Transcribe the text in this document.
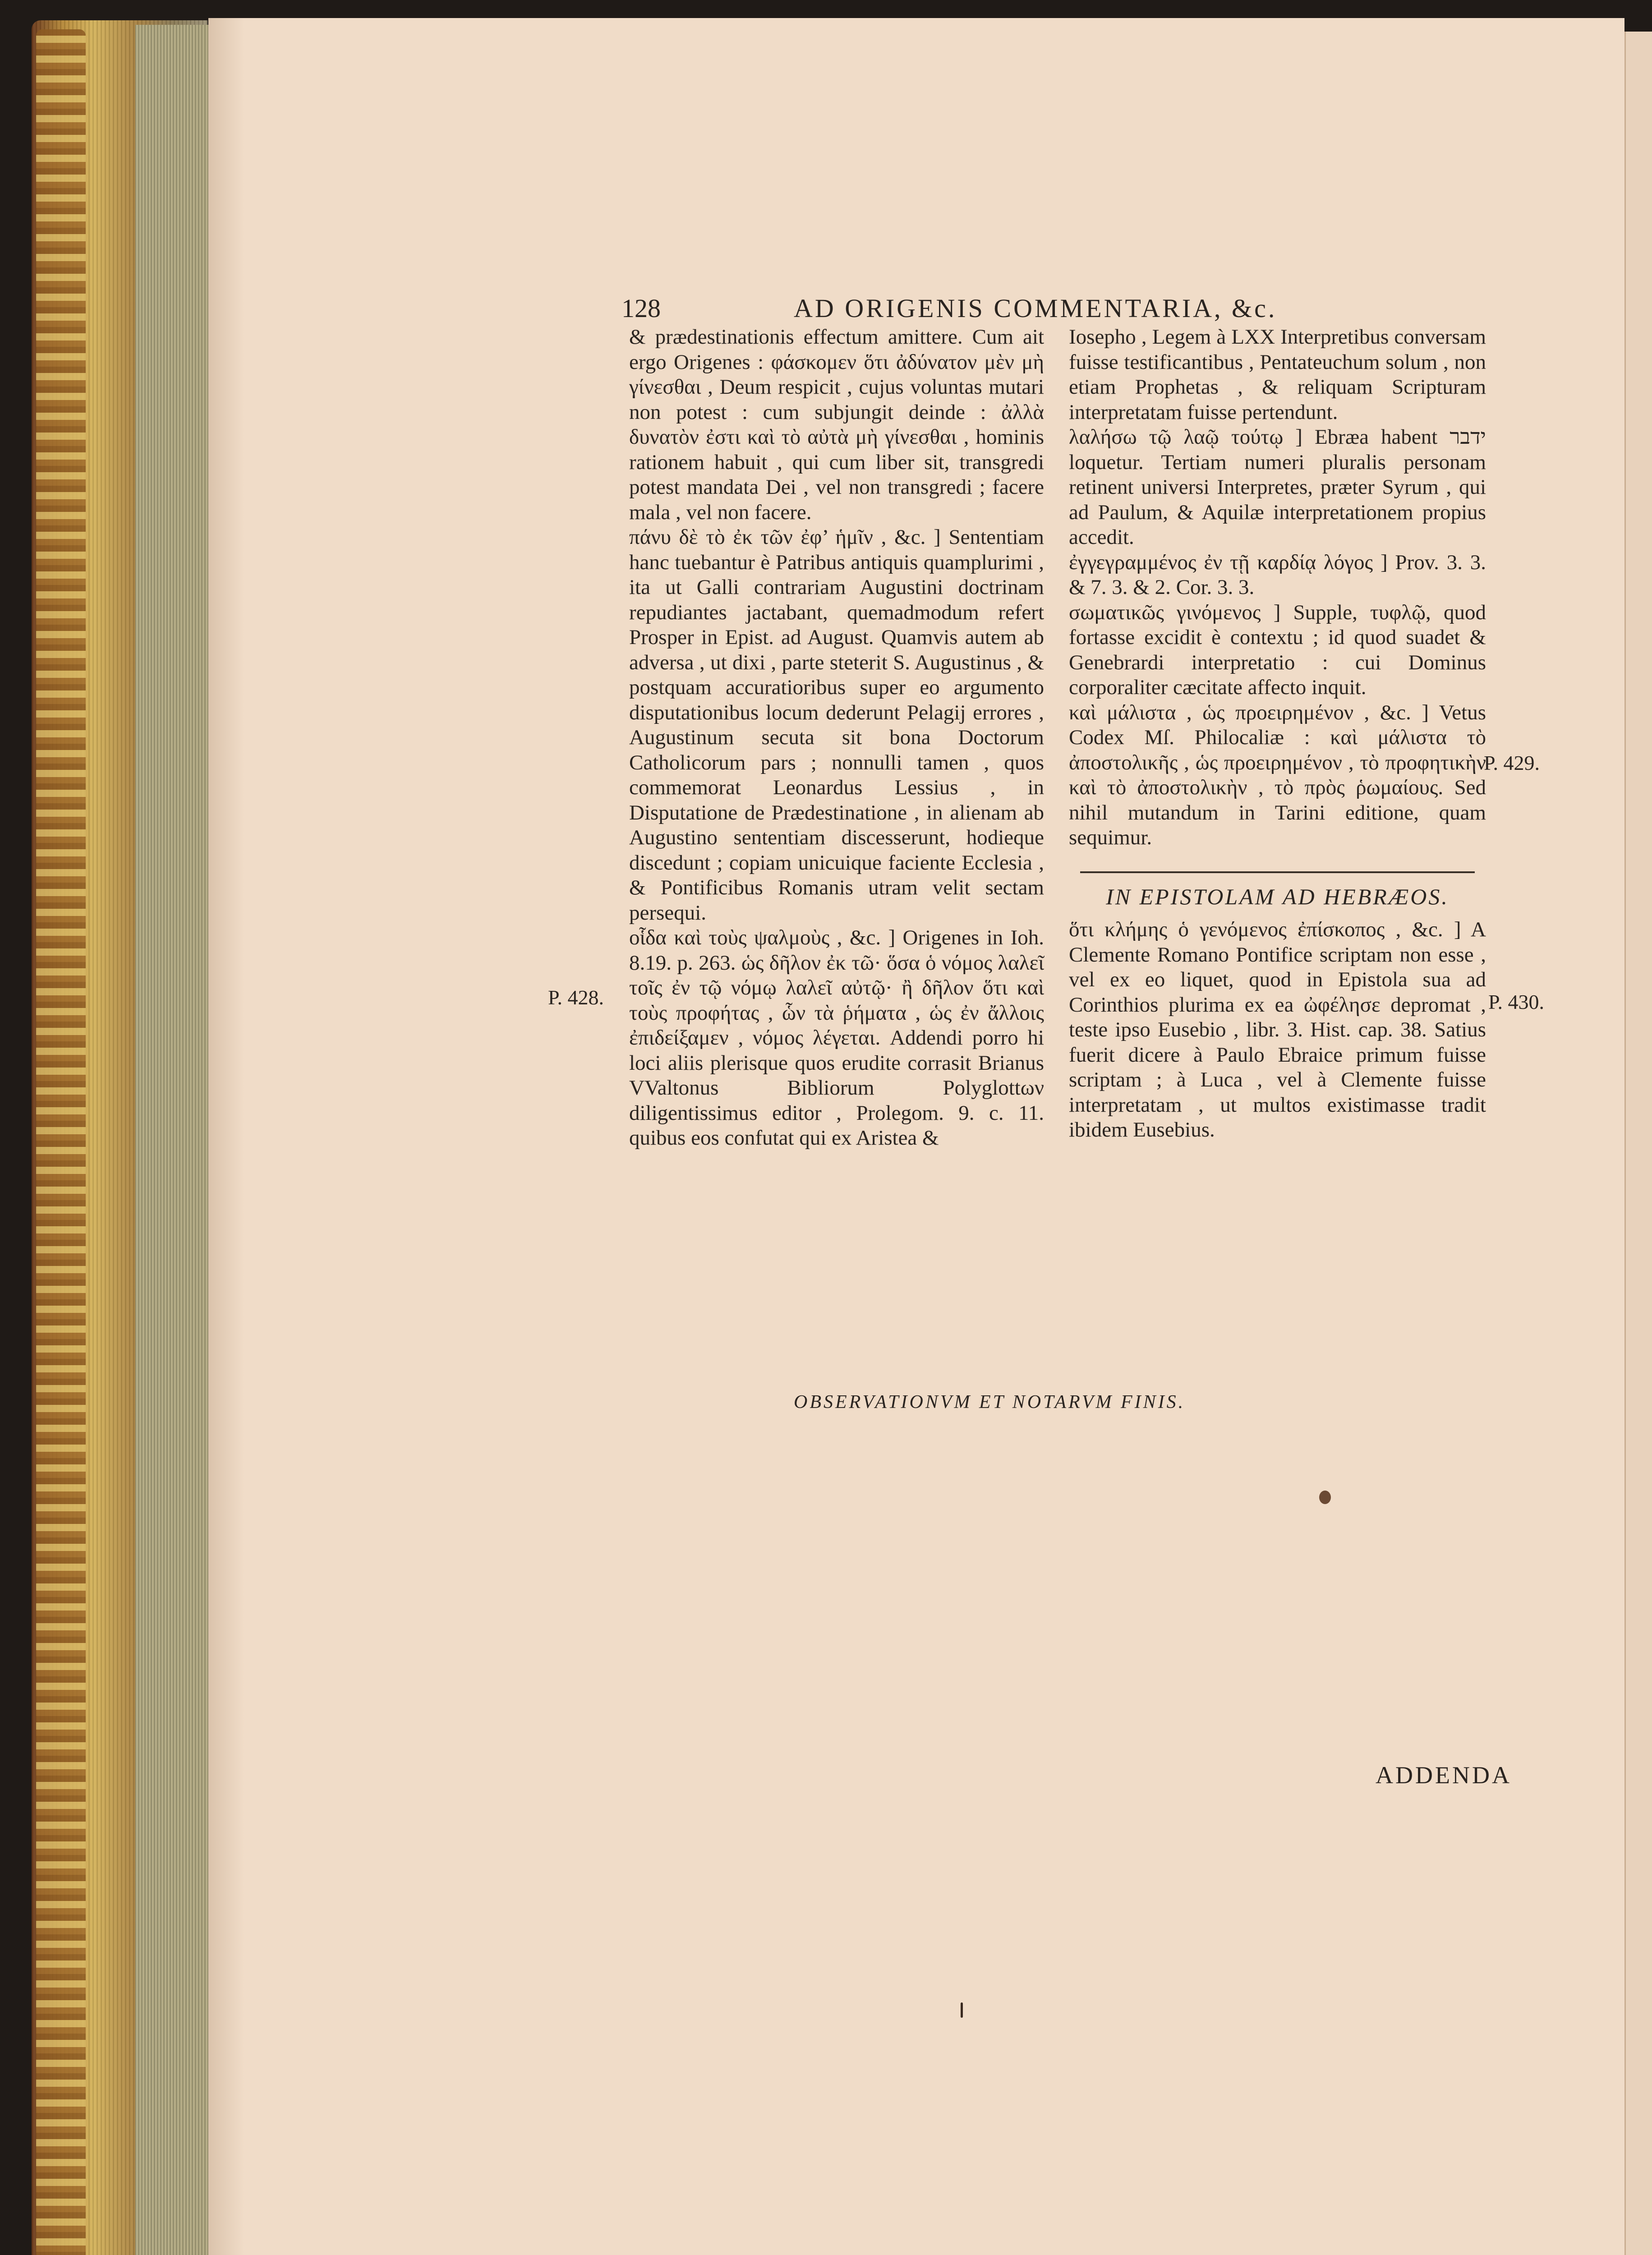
128	AD ORIGENIS COMMENTARIA, &c.

& prædestinationis effectum amittere. Cum ait ergo Origenes : φάσκομεν ὅτι ἀδύνατον μὲν μὴ γίνεσθαι , Deum respicit , cujus voluntas mutari non potest : cum subjungit deinde : ἀλλὰ δυνατὸν ἐστι καὶ τὸ αὐτὰ μὴ γίνεσθαι , hominis rationem habuit , qui cum liber sit, transgredi potest mandata Dei , vel non transgredi ; facere mala , vel non facere.

πάνυ δὲ τὸ ἐκ τῶν ἐφ’ ἡμῖν , &c. ] Sententiam hanc tuebantur è Patribus antiquis quamplurimi , ita ut Galli contrariam Augustini doctrinam repudiantes jactabant, quemadmodum refert Prosper in Epist. ad August. Quamvis autem ab adversa , ut dixi , parte steterit S. Augustinus , & postquam accuratioribus super eo argumento disputationibus locum dederunt Pelagij errores , Augustinum secuta sit bona Doctorum Catholicorum pars ; nonnulli tamen , quos commemorat Leonardus Lessius , in Disputatione de Prædestinatione , in alienam ab Augustino sententiam discesserunt, hodieque discedunt ; copiam unicuique faciente Ecclesia , & Pontificibus Romanis utram velit sectam persequi.

οἷδα καὶ τοὺς ψαλμοὺς , &c. ] Origenes in Ioh. 8.19. p. 263. ὡς δῆλον ἐκ τῶ· ὅσα ὁ νόμος λαλεῖ τοῖς ἐν τῷ νόμῳ λαλεῖ αὐτῷ· ἢ δῆλον ὅτι καὶ τοὺς προφήτας , ὧν τὰ ῥήματα , ὡς ἐν ἄλλοις ἐπιδείξαμεν , νόμος λέγεται. Addendi porro hi loci aliis plerisque quos erudite corrasit Brianus VValtonus Bibliorum Polyglottων diligentissimus editor , Prolegom. 9. c. 11. quibus eos confutat qui ex Aristea &

Iosepho , Legem à LXX Interpretibus conversam fuisse testificantibus , Pentateuchum solum , non etiam Prophetas , & reliquam Scripturam interpretatam fuisse pertendunt.

λαλήσω τῷ λαῷ τούτῳ ] Ebræa habent ידבר loquetur. Tertiam numeri pluralis personam retinent universi Interpretes, præter Syrum , qui ad Paulum, & Aquilæ interpretationem propius accedit.

ἐγγεγραμμένος ἐν τῇ καρδίᾳ λόγος ] Prov. 3. 3. & 7. 3. & 2. Cor. 3. 3.

σωματικῶς γινόμενος ] Supple, τυφλῷ, quod fortasse excidit è contextu ; id quod suadet & Genebrardi interpretatio : cui Dominus corporaliter cæcitate affecto inquit.

καὶ μάλιστα , ὡς προειρημένον , &c. ] Vetus Codex Mſ. Philocaliæ : καὶ μάλιστα τὸ ἀποστολικῆς , ὡς προειρημένον , τὸ προφητικὴν καὶ τὸ ἀποστολικὴν , τὸ πρὸς ῥωμαίους. Sed nihil mutandum in Tarini editione, quam sequimur.

IN EPISTOLAM AD HEBRÆOS.

ὅτι κλήμης ὁ γενόμενος ἐπίσκοπος , &c. ] A Clemente Romano Pontifice scriptam non esse , vel ex eo liquet, quod in Epistola sua ad Corinthios plurima ex ea ὠφέλησε depromat , teste ipso Eusebio , libr. 3. Hist. cap. 38. Satius fuerit dicere à Paulo Ebraice primum fuisse scriptam ; à Luca , vel à Clemente fuisse interpretatam , ut multos existimasse tradit ibidem Eusebius.

P. 428.
P. 429.
P. 430.
OBSERVATIONVM ET NOTARVM FINIS.
ADDENDA
